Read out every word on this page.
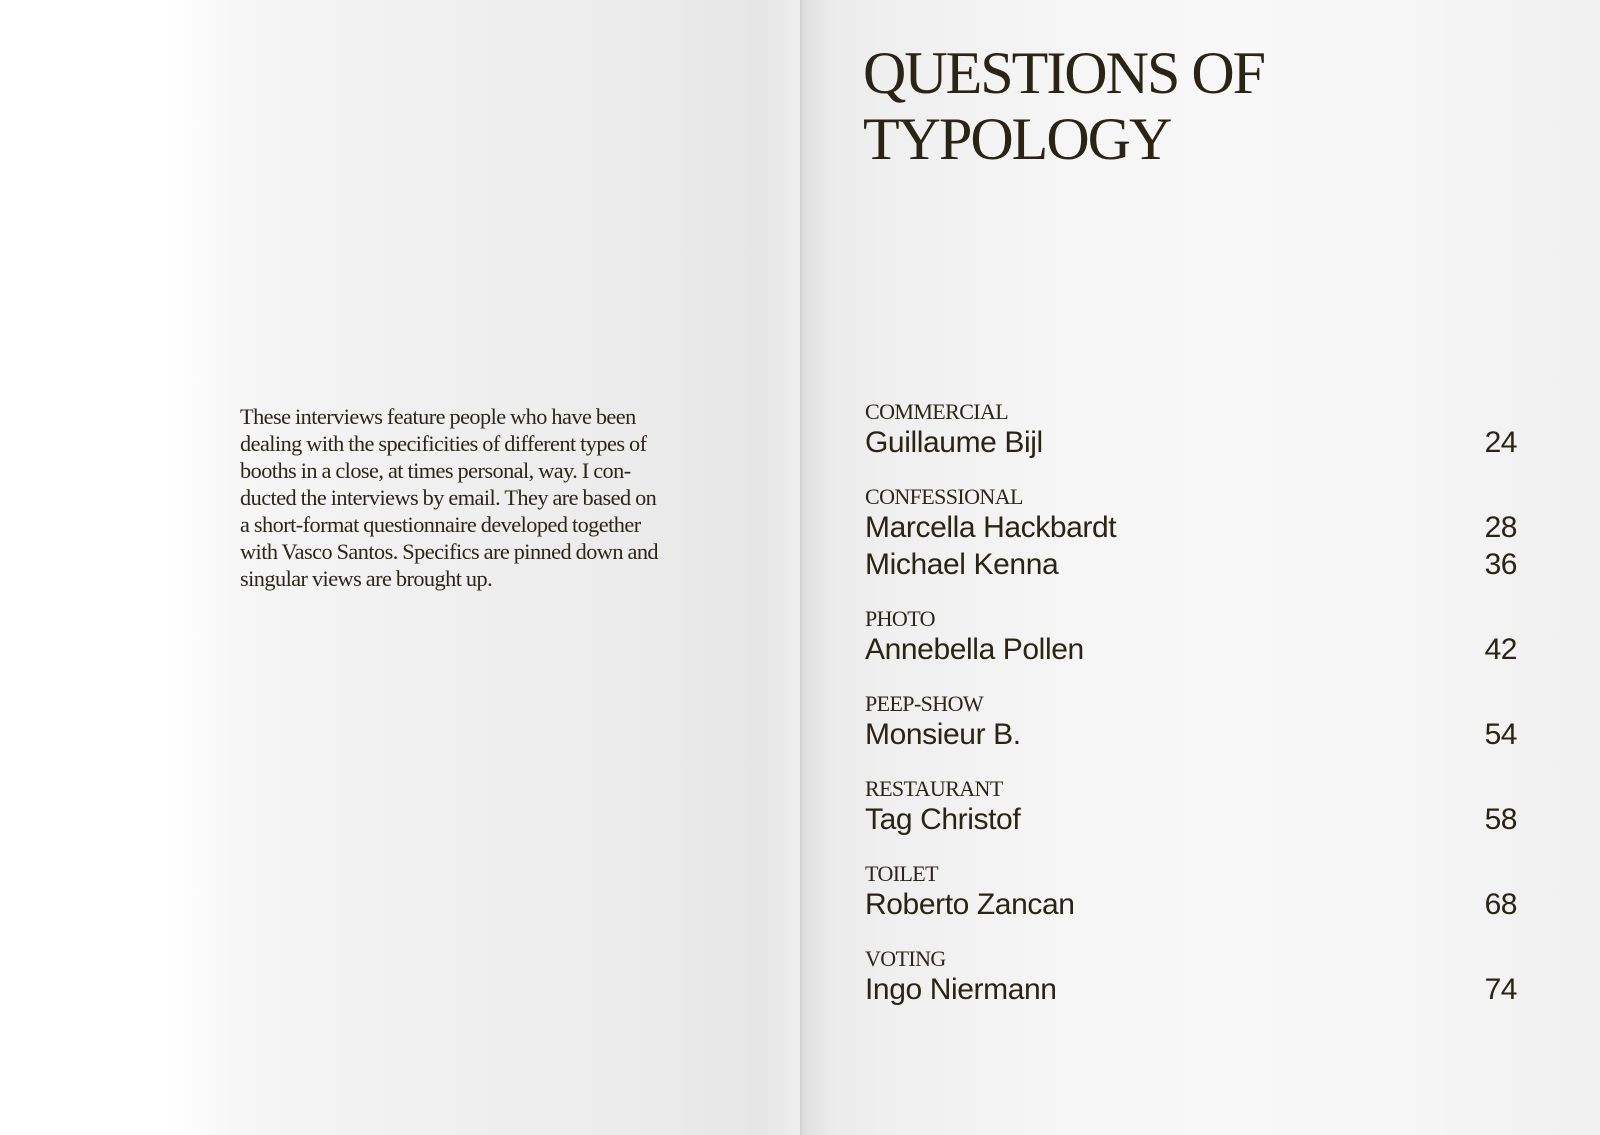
These interviews feature people who have been
dealing with the specificities of different types of
booths in a close, at times personal, way. I con-
ducted the interviews by email. They are based on
a short-format questionnaire developed together
with Vasco Santos. Specifics are pinned down and
singular views are brought up.

QUESTIONS OF
TYPOLOGY
COMMERCIAL
Guillaume Bijl	24
CONFESSIONAL
Marcella Hackbardt	28
Michael Kenna	36
PHOTO
Annebella Pollen	42
PEEP-SHOW
Monsieur B.	54
RESTAURANT
Tag Christof	58
TOILET
Roberto Zancan	68
VOTING
Ingo Niermann	74
